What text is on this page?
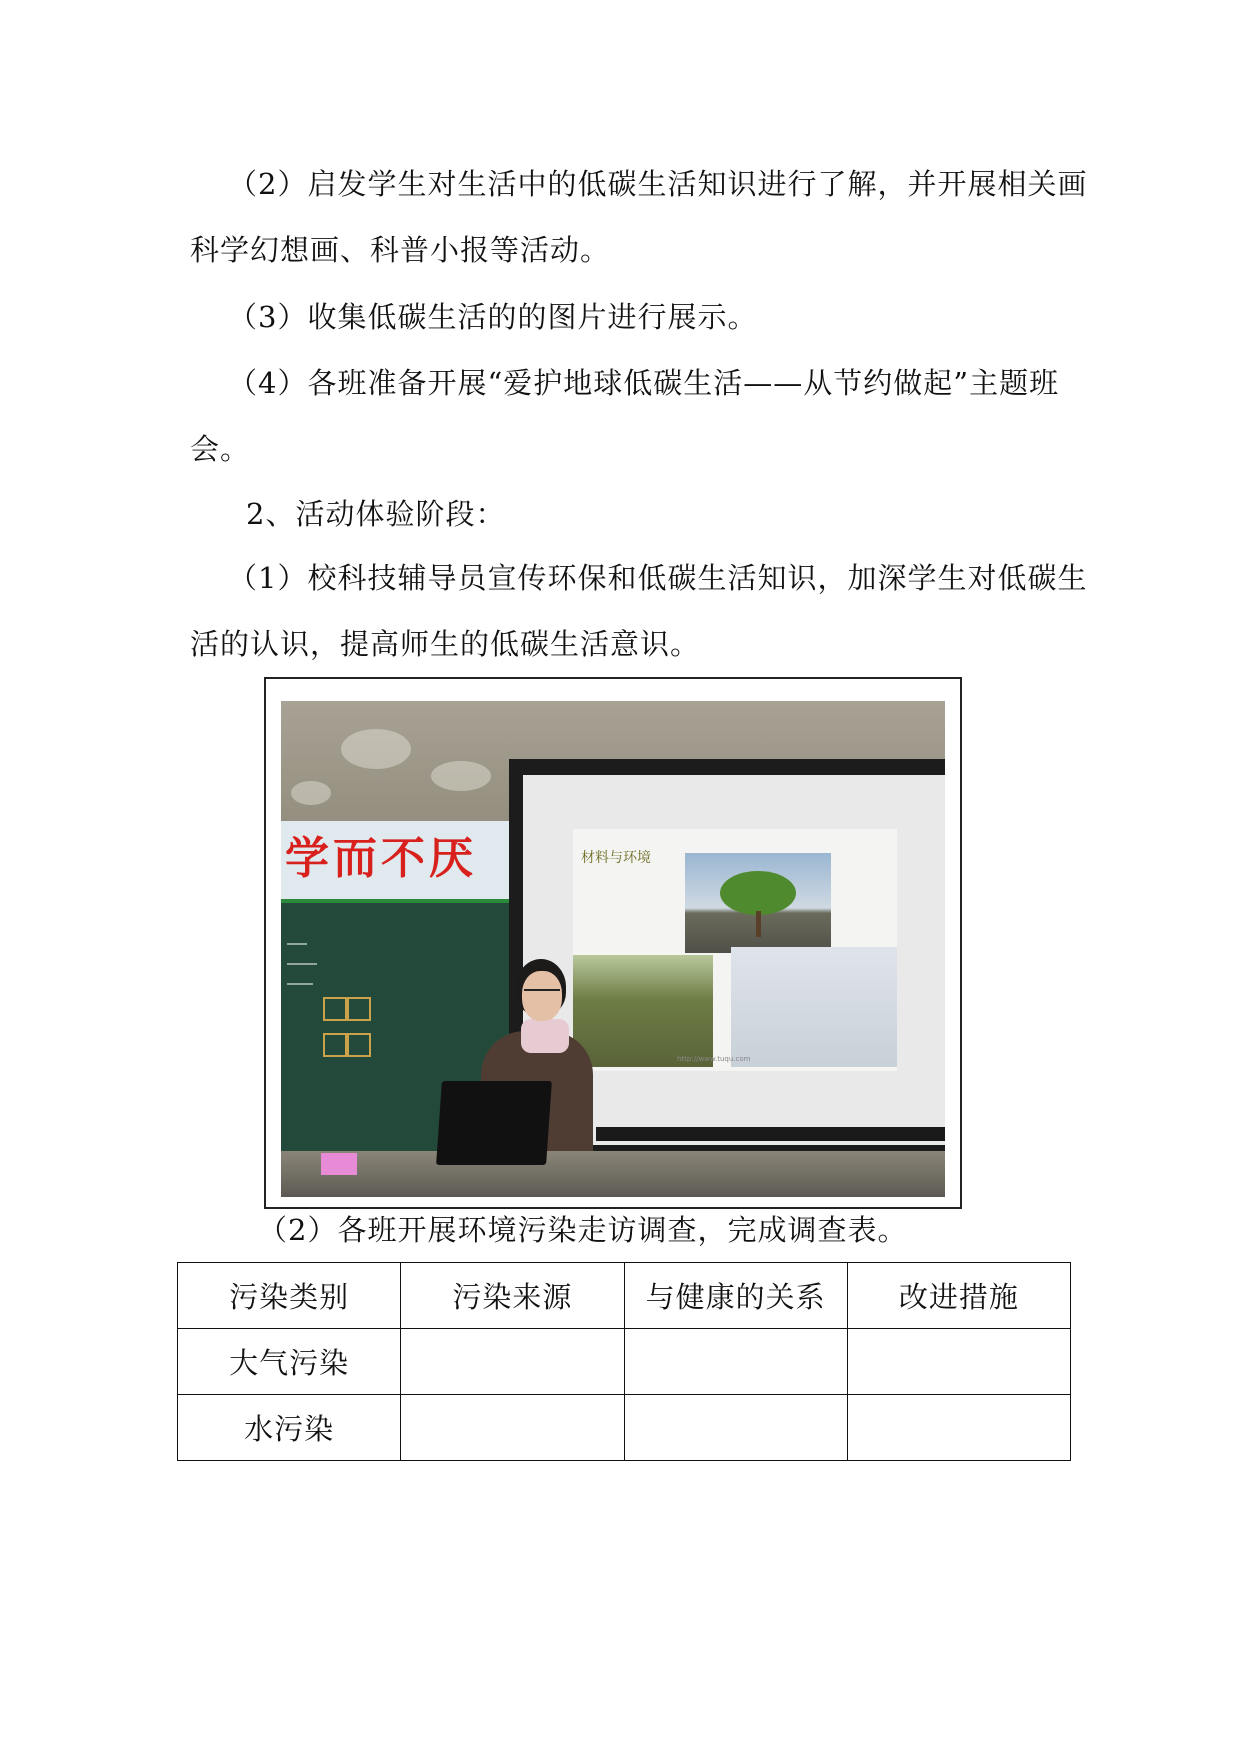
（2）启发学生对生活中的低碳生活知识进行了解，并开展相关画
科学幻想画、科普小报等活动。
（3）收集低碳生活的的图片进行展示。
（4）各班准备开展“爱护地球低碳生活——从节约做起”主题班
会。
2、活动体验阶段：
（1）校科技辅导员宣传环保和低碳生活知识，加深学生对低碳生
活的认识，提高师生的低碳生活意识。
学而不厌	材料与环境
http://www.tuqu.com
（2）各班开展环境污染走访调查，完成调查表。
污染类别	污染来源	与健康的关系	改进措施
大气污染			
水污染			
